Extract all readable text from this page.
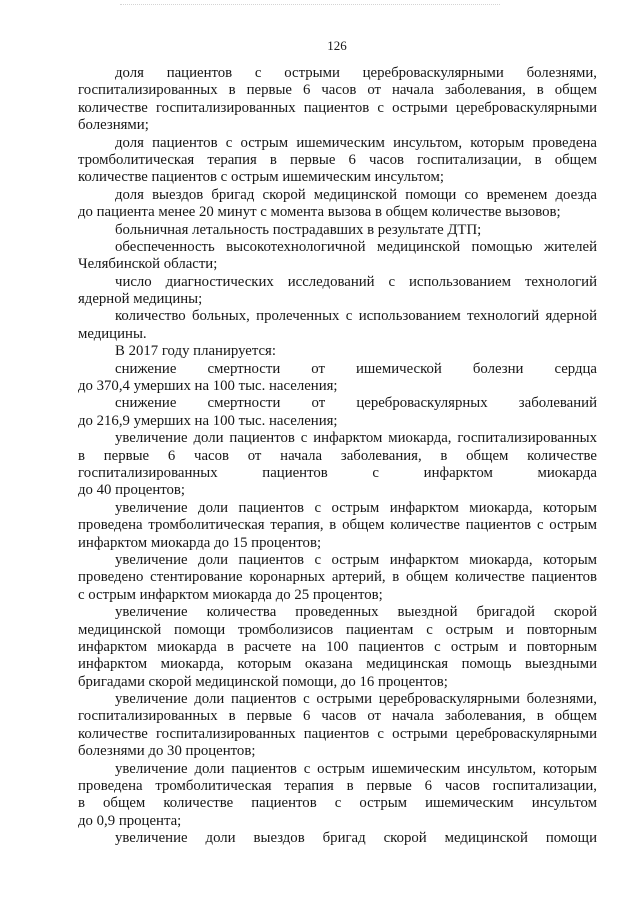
126
доля пациентов с острыми цереброваскулярными болезнями,
госпитализированных в первые 6 часов от начала заболевания, в общем
количестве госпитализированных пациентов с острыми цереброваскулярными
болезнями;
доля пациентов с острым ишемическим инсультом, которым проведена
тромболитическая терапия в первые 6 часов госпитализации, в общем
количестве пациентов с острым ишемическим инсультом;
доля выездов бригад скорой медицинской помощи со временем доезда
до пациента менее 20 минут с момента вызова в общем количестве вызовов;
больничная летальность пострадавших в результате ДТП;
обеспеченность высокотехнологичной медицинской помощью жителей
Челябинской области;
число диагностических исследований с использованием технологий
ядерной медицины;
количество больных, пролеченных с использованием технологий ядерной
медицины.
В 2017 году планируется:
снижение смертности от ишемической болезни сердца
до 370,4 умерших на 100 тыс. населения;
снижение смертности от цереброваскулярных заболеваний
до 216,9 умерших на 100 тыс. населения;
увеличение доли пациентов с инфарктом миокарда, госпитализированных
в первые 6 часов от начала заболевания, в общем количестве
госпитализированных пациентов с инфарктом миокарда
до 40 процентов;
увеличение доли пациентов с острым инфарктом миокарда, которым
проведена тромболитическая терапия, в общем количестве пациентов с острым
инфарктом миокарда до 15 процентов;
увеличение доли пациентов с острым инфарктом миокарда, которым
проведено стентирование коронарных артерий, в общем количестве пациентов
с острым инфарктом миокарда до 25 процентов;
увеличение количества проведенных выездной бригадой скорой
медицинской помощи тромболизисов пациентам с острым и повторным
инфарктом миокарда в расчете на 100 пациентов с острым и повторным
инфарктом миокарда, которым оказана медицинская помощь выездными
бригадами скорой медицинской помощи, до 16 процентов;
увеличение доли пациентов с острыми цереброваскулярными болезнями,
госпитализированных в первые 6 часов от начала заболевания, в общем
количестве госпитализированных пациентов с острыми цереброваскулярными
болезнями до 30 процентов;
увеличение доли пациентов с острым ишемическим инсультом, которым
проведена тромболитическая терапия в первые 6 часов госпитализации,
в общем количестве пациентов с острым ишемическим инсультом
до 0,9 процента;
увеличение доли выездов бригад скорой медицинской помощи
